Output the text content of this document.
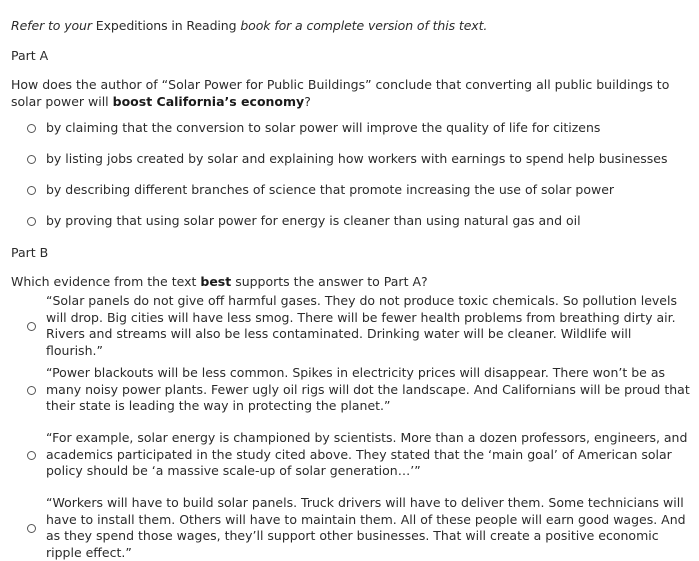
Refer to your Expeditions in Reading book for a complete version of this text.
Part A
How does the author of “Solar Power for Public Buildings” conclude that converting all public buildings to solar power will boost California’s economy?
by claiming that the conversion to solar power will improve the quality of life for citizens
by listing jobs created by solar and explaining how workers with earnings to spend help businesses
by describing different branches of science that promote increasing the use of solar power
by proving that using solar power for energy is cleaner than using natural gas and oil
Part B
Which evidence from the text best supports the answer to Part A?
“Solar panels do not give off harmful gases. They do not produce toxic chemicals. So pollution levels will drop. Big cities will have less smog. There will be fewer health problems from breathing dirty air. Rivers and streams will also be less contaminated. Drinking water will be cleaner. Wildlife will flourish.”
“Power blackouts will be less common. Spikes in electricity prices will disappear. There won’t be as many noisy power plants. Fewer ugly oil rigs will dot the landscape. And Californians will be proud that their state is leading the way in protecting the planet.”
“For example, solar energy is championed by scientists. More than a dozen professors, engineers, and academics participated in the study cited above. They stated that the ‘main goal’ of American solar policy should be ‘a massive scale-up of solar generation…’”
“Workers will have to build solar panels. Truck drivers will have to deliver them. Some technicians will have to install them. Others will have to maintain them. All of these people will earn good wages. And as they spend those wages, they’ll support other businesses. That will create a positive economic ripple effect.”
